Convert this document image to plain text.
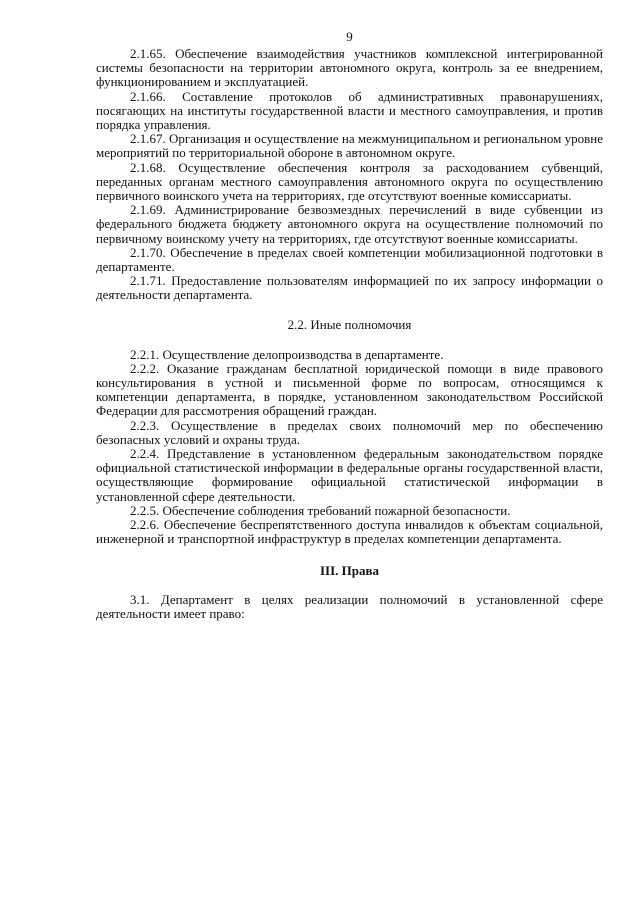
9

2.1.65. Обеспечение взаимодействия участников комплексной интегрированной системы безопасности на территории автономного округа, контроль за ее внедрением, функционированием и эксплуатацией.

2.1.66. Составление протоколов об административных правонарушениях, посягающих на институты государственной власти и местного самоуправления, и против порядка управления.

2.1.67. Организация и осуществление на межмуниципальном и региональном уровне мероприятий по территориальной обороне в автономном округе.

2.1.68. Осуществление обеспечения контроля за расходованием субвенций, переданных органам местного самоуправления автономного округа по осуществлению первичного воинского учета на территориях, где отсутствуют военные комиссариаты.

2.1.69. Администрирование безвозмездных перечислений в виде субвенции из федерального бюджета бюджету автономного округа на осуществление полномочий по первичному воинскому учету на территориях, где отсутствуют военные комиссариаты.

2.1.70. Обеспечение в пределах своей компетенции мобилизационной подготовки в департаменте.

2.1.71. Предоставление пользователям информацией по их запросу информации о деятельности департамента.

2.2. Иные полномочия

2.2.1. Осуществление делопроизводства в департаменте.

2.2.2. Оказание гражданам бесплатной юридической помощи в виде правового консультирования в устной и письменной форме по вопросам, относящимся к компетенции департамента, в порядке, установленном законодательством Российской Федерации для рассмотрения обращений граждан.

2.2.3. Осуществление в пределах своих полномочий мер по обеспечению безопасных условий и охраны труда.

2.2.4. Представление в установленном федеральным законодательством порядке официальной статистической информации в федеральные органы государственной власти, осуществляющие формирование официальной статистической информации в установленной сфере деятельности.

2.2.5. Обеспечение соблюдения требований пожарной безопасности.

2.2.6. Обеспечение беспрепятственного доступа инвалидов к объектам социальной, инженерной и транспортной инфраструктур в пределах компетенции департамента.

III. Права

3.1. Департамент в целях реализации полномочий в установленной сфере деятельности имеет право:
